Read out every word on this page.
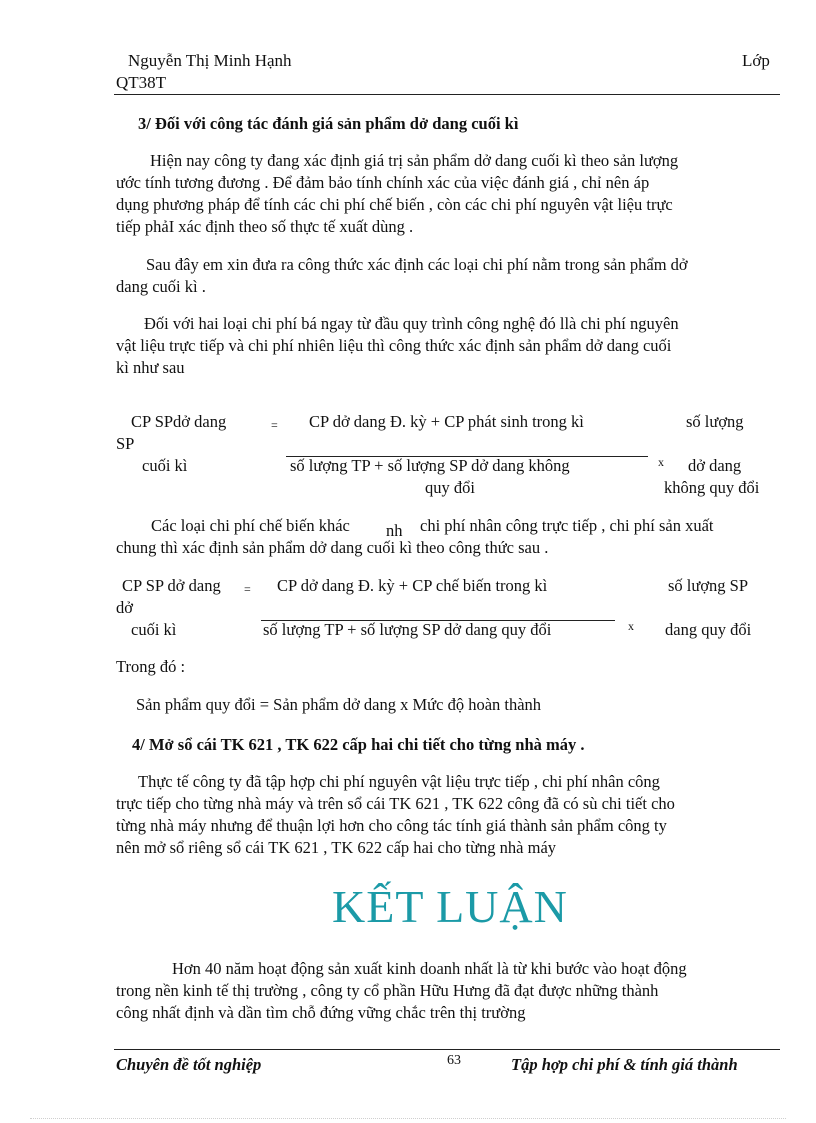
Nguyễn Thị Minh Hạnh	Lớp
QT38T
3/ Đối với công tác đánh giá sản phẩm dở dang cuối kì
Hiện nay công ty đang xác định giá trị sản phẩm dở dang cuối kì theo sản lượng
ước tính tương đương . Để đảm bảo tính chính xác của việc đánh giá , chỉ nên áp
dụng phương pháp để tính các chi phí chế biến , còn các chi phí nguyên vật liệu trực
tiếp phảI xác định theo số thực tế xuất dùng .
Sau đây em xin đưa ra công thức xác định các loại chi phí nằm trong sản phẩm dở
dang cuối kì .
Đối với hai loại chi phí bá ngay từ đầu quy trình công nghệ đó llà chi phí nguyên
vật liệu trực tiếp và chi phí nhiên liệu thì công thức xác định sản phẩm dở dang cuối
kì như sau
CP SPdở dang
SP
cuối kì
= CP dở dang Đ. kỳ + CP phát sinh trong kì
số lượng TP + số lượng SP dở dang không
quy đổi
x
số lượng
dở dang
không quy đổi
Các loại chi phí chế biến khác nh chi phí nhân công trực tiếp , chi phí sản xuất
chung thì xác định sản phẩm dở dang cuối kì theo công thức sau .
CP SP dở dang
dở
cuối kì
= CP dở dang Đ. kỳ + CP chế biến trong kì
số lượng TP + số lượng SP dở dang quy đổi	x
số lượng SP
dang quy đổi
Trong đó :
Sản phẩm quy đổi = Sản phẩm dở dang x Mức độ hoàn thành
4/ Mở sổ cái TK 621 , TK 622 cấp hai chi tiết cho từng nhà máy .
Thực tế công ty đã tập hợp chi phí nguyên vật liệu trực tiếp , chi phí nhân công
trực tiếp cho từng nhà máy và trên sổ cái TK 621 , TK 622 công đã có sù chi tiết cho
từng nhà máy nhưng để thuận lợi hơn cho công tác tính giá thành sản phẩm công ty
nên mở sổ riêng sổ cái TK 621 , TK 622 cấp hai cho từng nhà máy
KẾT LUẬN
Hơn 40 năm hoạt động sản xuất kinh doanh nhất là từ khi bước vào hoạt động
trong nền kinh tế thị trường , công ty cổ phần Hữu Hưng đã đạt được những thành
công nhất định và dần tìm chỗ đứng vững chắc trên thị trường
Chuyên đề tốt nghiệp	63	Tập hợp chi phí & tính giá thành
